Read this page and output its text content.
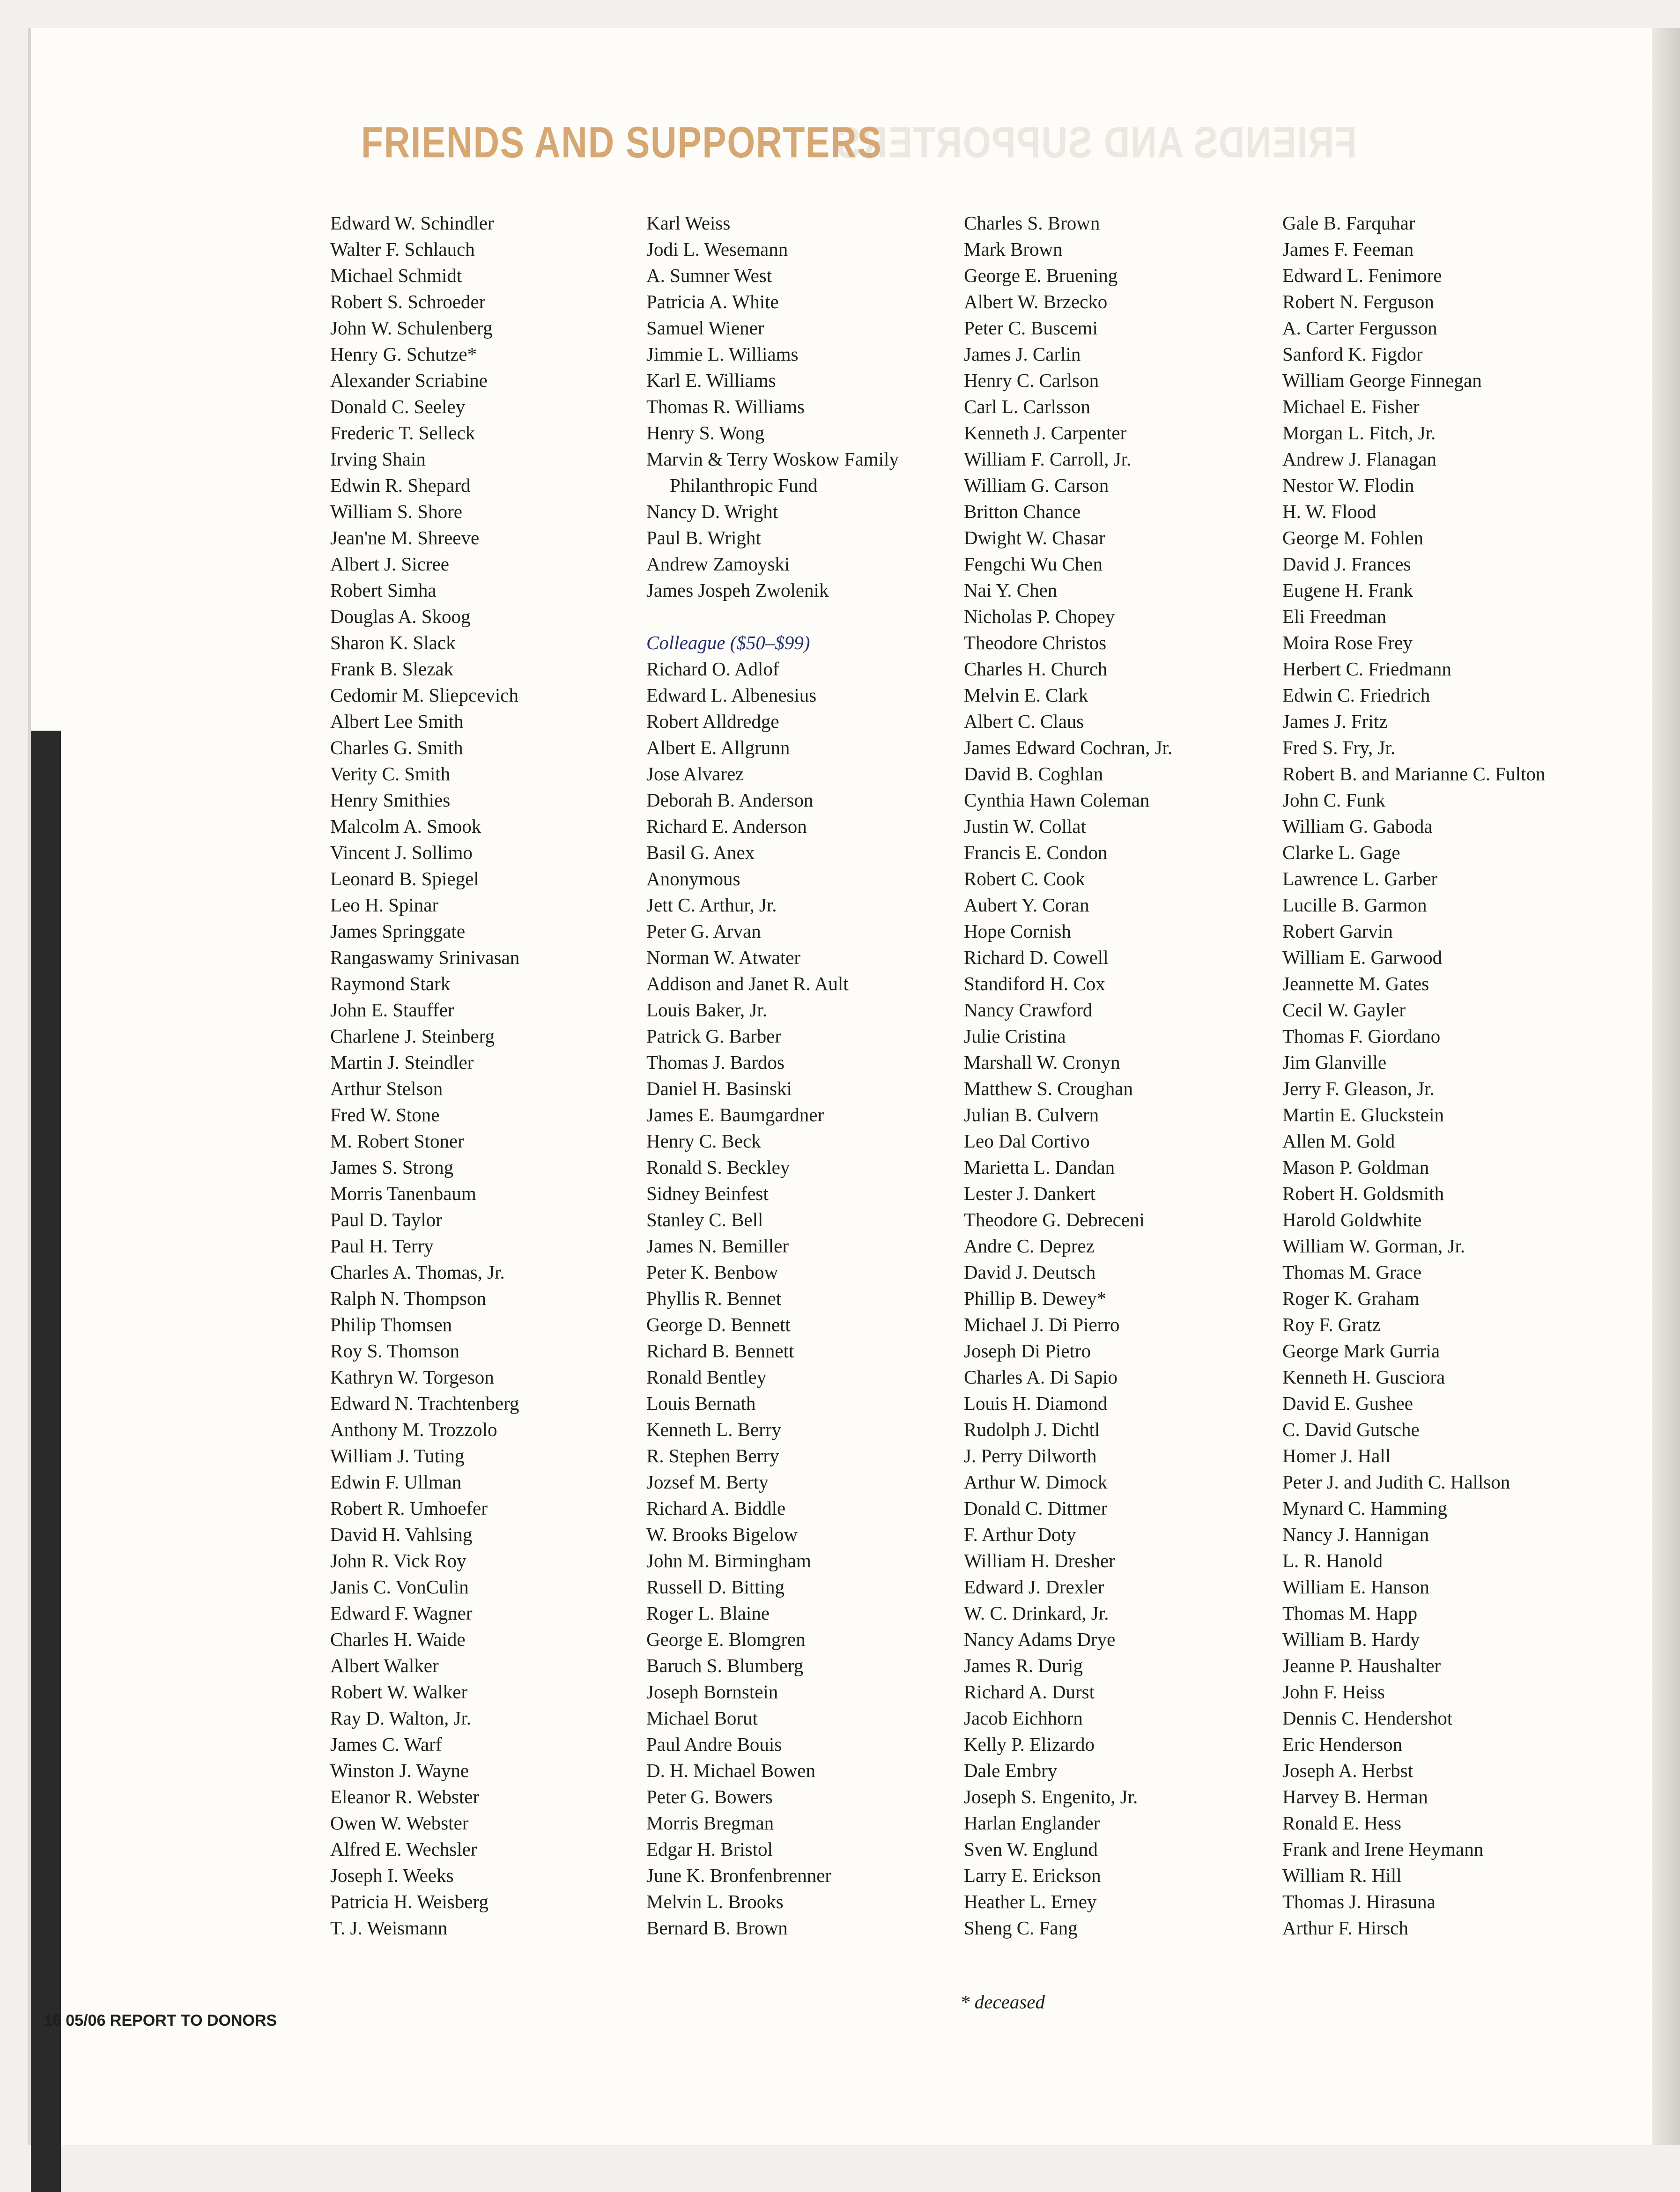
FRIENDS AND SUPPORTERS
FRIENDS AND SUPPORTERS
Edward W. Schindler
Walter F. Schlauch
Michael Schmidt
Robert S. Schroeder
John W. Schulenberg
Henry G. Schutze*
Alexander Scriabine
Donald C. Seeley
Frederic T. Selleck
Irving Shain
Edwin R. Shepard
William S. Shore
Jean'ne M. Shreeve
Albert J. Sicree
Robert Simha
Douglas A. Skoog
Sharon K. Slack
Frank B. Slezak
Cedomir M. Sliepcevich
Albert Lee Smith
Charles G. Smith
Verity C. Smith
Henry Smithies
Malcolm A. Smook
Vincent J. Sollimo
Leonard B. Spiegel
Leo H. Spinar
James Springgate
Rangaswamy Srinivasan
Raymond Stark
John E. Stauffer
Charlene J. Steinberg
Martin J. Steindler
Arthur Stelson
Fred W. Stone
M. Robert Stoner
James S. Strong
Morris Tanenbaum
Paul D. Taylor
Paul H. Terry
Charles A. Thomas, Jr.
Ralph N. Thompson
Philip Thomsen
Roy S. Thomson
Kathryn W. Torgeson
Edward N. Trachtenberg
Anthony M. Trozzolo
William J. Tuting
Edwin F. Ullman
Robert R. Umhoefer
David H. Vahlsing
John R. Vick Roy
Janis C. VonCulin
Edward F. Wagner
Charles H. Waide
Albert Walker
Robert W. Walker
Ray D. Walton, Jr.
James C. Warf
Winston J. Wayne
Eleanor R. Webster
Owen W. Webster
Alfred E. Wechsler
Joseph I. Weeks
Patricia H. Weisberg
T. J. Weismann
Karl Weiss
Jodi L. Wesemann
A. Sumner West
Patricia A. White
Samuel Wiener
Jimmie L. Williams
Karl E. Williams
Thomas R. Williams
Henry S. Wong
Marvin & Terry Woskow Family
Philanthropic Fund
Nancy D. Wright
Paul B. Wright
Andrew Zamoyski
James Jospeh Zwolenik
Colleague ($50–$99)
Richard O. Adlof
Edward L. Albenesius
Robert Alldredge
Albert E. Allgrunn
Jose Alvarez
Deborah B. Anderson
Richard E. Anderson
Basil G. Anex
Anonymous
Jett C. Arthur, Jr.
Peter G. Arvan
Norman W. Atwater
Addison and Janet R. Ault
Louis Baker, Jr.
Patrick G. Barber
Thomas J. Bardos
Daniel H. Basinski
James E. Baumgardner
Henry C. Beck
Ronald S. Beckley
Sidney Beinfest
Stanley C. Bell
James N. Bemiller
Peter K. Benbow
Phyllis R. Bennet
George D. Bennett
Richard B. Bennett
Ronald Bentley
Louis Bernath
Kenneth L. Berry
R. Stephen Berry
Jozsef M. Berty
Richard A. Biddle
W. Brooks Bigelow
John M. Birmingham
Russell D. Bitting
Roger L. Blaine
George E. Blomgren
Baruch S. Blumberg
Joseph Bornstein
Michael Borut
Paul Andre Bouis
D. H. Michael Bowen
Peter G. Bowers
Morris Bregman
Edgar H. Bristol
June K. Bronfenbrenner
Melvin L. Brooks
Bernard B. Brown
Charles S. Brown
Mark Brown
George E. Bruening
Albert W. Brzecko
Peter C. Buscemi
James J. Carlin
Henry C. Carlson
Carl L. Carlsson
Kenneth J. Carpenter
William F. Carroll, Jr.
William G. Carson
Britton Chance
Dwight W. Chasar
Fengchi Wu Chen
Nai Y. Chen
Nicholas P. Chopey
Theodore Christos
Charles H. Church
Melvin E. Clark
Albert C. Claus
James Edward Cochran, Jr.
David B. Coghlan
Cynthia Hawn Coleman
Justin W. Collat
Francis E. Condon
Robert C. Cook
Aubert Y. Coran
Hope Cornish
Richard D. Cowell
Standiford H. Cox
Nancy Crawford
Julie Cristina
Marshall W. Cronyn
Matthew S. Croughan
Julian B. Culvern
Leo Dal Cortivo
Marietta L. Dandan
Lester J. Dankert
Theodore G. Debreceni
Andre C. Deprez
David J. Deutsch
Phillip B. Dewey*
Michael J. Di Pierro
Joseph Di Pietro
Charles A. Di Sapio
Louis H. Diamond
Rudolph J. Dichtl
J. Perry Dilworth
Arthur W. Dimock
Donald C. Dittmer
F. Arthur Doty
William H. Dresher
Edward J. Drexler
W. C. Drinkard, Jr.
Nancy Adams Drye
James R. Durig
Richard A. Durst
Jacob Eichhorn
Kelly P. Elizardo
Dale Embry
Joseph S. Engenito, Jr.
Harlan Englander
Sven W. Englund
Larry E. Erickson
Heather L. Erney
Sheng C. Fang
Gale B. Farquhar
James F. Feeman
Edward L. Fenimore
Robert N. Ferguson
A. Carter Fergusson
Sanford K. Figdor
William George Finnegan
Michael E. Fisher
Morgan L. Fitch, Jr.
Andrew J. Flanagan
Nestor W. Flodin
H. W. Flood
George M. Fohlen
David J. Frances
Eugene H. Frank
Eli Freedman
Moira Rose Frey
Herbert C. Friedmann
Edwin C. Friedrich
James J. Fritz
Fred S. Fry, Jr.
Robert B. and Marianne C. Fulton
John C. Funk
William G. Gaboda
Clarke L. Gage
Lawrence L. Garber
Lucille B. Garmon
Robert Garvin
William E. Garwood
Jeannette M. Gates
Cecil W. Gayler
Thomas F. Giordano
Jim Glanville
Jerry F. Gleason, Jr.
Martin E. Gluckstein
Allen M. Gold
Mason P. Goldman
Robert H. Goldsmith
Harold Goldwhite
William W. Gorman, Jr.
Thomas M. Grace
Roger K. Graham
Roy F. Gratz
George Mark Gurria
Kenneth H. Gusciora
David E. Gushee
C. David Gutsche
Homer J. Hall
Peter J. and Judith C. Hallson
Mynard C. Hamming
Nancy J. Hannigan
L. R. Hanold
William E. Hanson
Thomas M. Happ
William B. Hardy
Jeanne P. Haushalter
John F. Heiss
Dennis C. Hendershot
Eric Henderson
Joseph A. Herbst
Harvey B. Herman
Ronald E. Hess
Frank and Irene Heymann
William R. Hill
Thomas J. Hirasuna
Arthur F. Hirsch
* deceased
16 05/06 REPORT TO DONORS
